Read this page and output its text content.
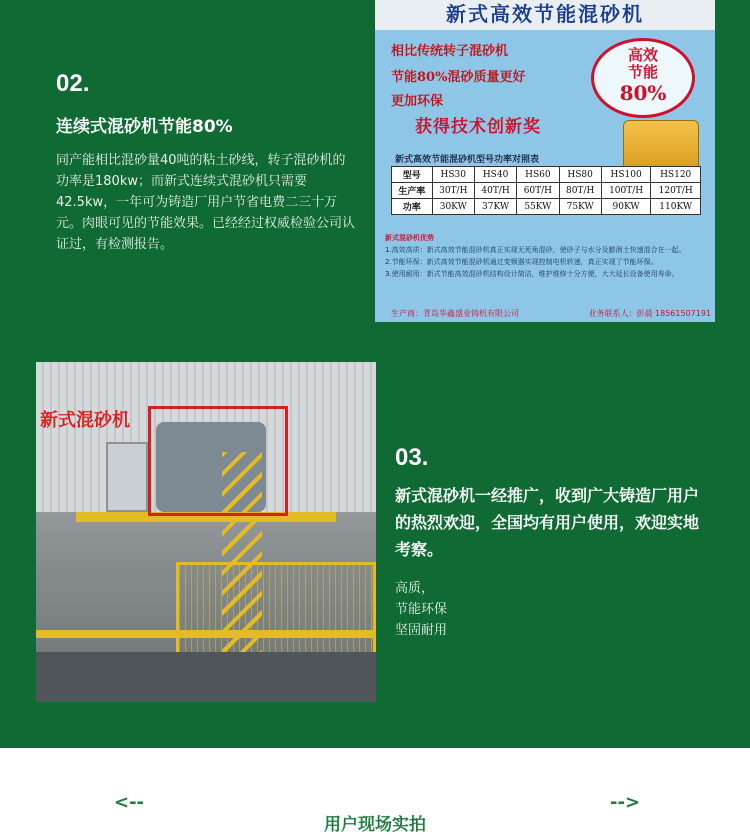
02.
连续式混砂机节能80%

同产能相比混砂量40吨的粘土砂线，转子混砂机的功率是180kw；而新式连续式混砂机只需要42.5kw，一年可为铸造厂用户节省电费二三十万元。肉眼可见的节能效果。已经经过权威检验公司认证过，有检测报告。

新式高效节能混砂机
相比传统转子混砂机
节能80%混砂质量更好
更加环保
高效
节能
80%
获得技术创新奖
新式高效节能混砂机型号功率对照表
型号	HS30	HS40	HS60	HS80	HS100	HS120
生产率	30T/H	40T/H	60T/H	80T/H	100T/H	120T/H
功率	30KW	37KW	55KW	75KW	90KW	110KW
新式混砂机优势
1.高效高质：新式高效节能混砂机真正实现无死角混砂，使砂子与水分及膨润土快速混合在一起。
2.节能环保：新式高效节能混砂机通过变频器实现控制电机转速，真正实现了节能环保。
3.使用耐用：新式节能高效混砂机结构设计简洁，维护维修十分方便，大大延长设备使用寿命。
生产商：青岛华鑫盛业铸机有限公司	业务联系人：彭晨 18561507191
新式混砂机
03.
新式混砂机一经推广，收到广大铸造厂用户的热烈欢迎，全国均有用户使用，欢迎实地考察。
高质，
节能环保
坚固耐用
<--	-->
用户现场实拍
